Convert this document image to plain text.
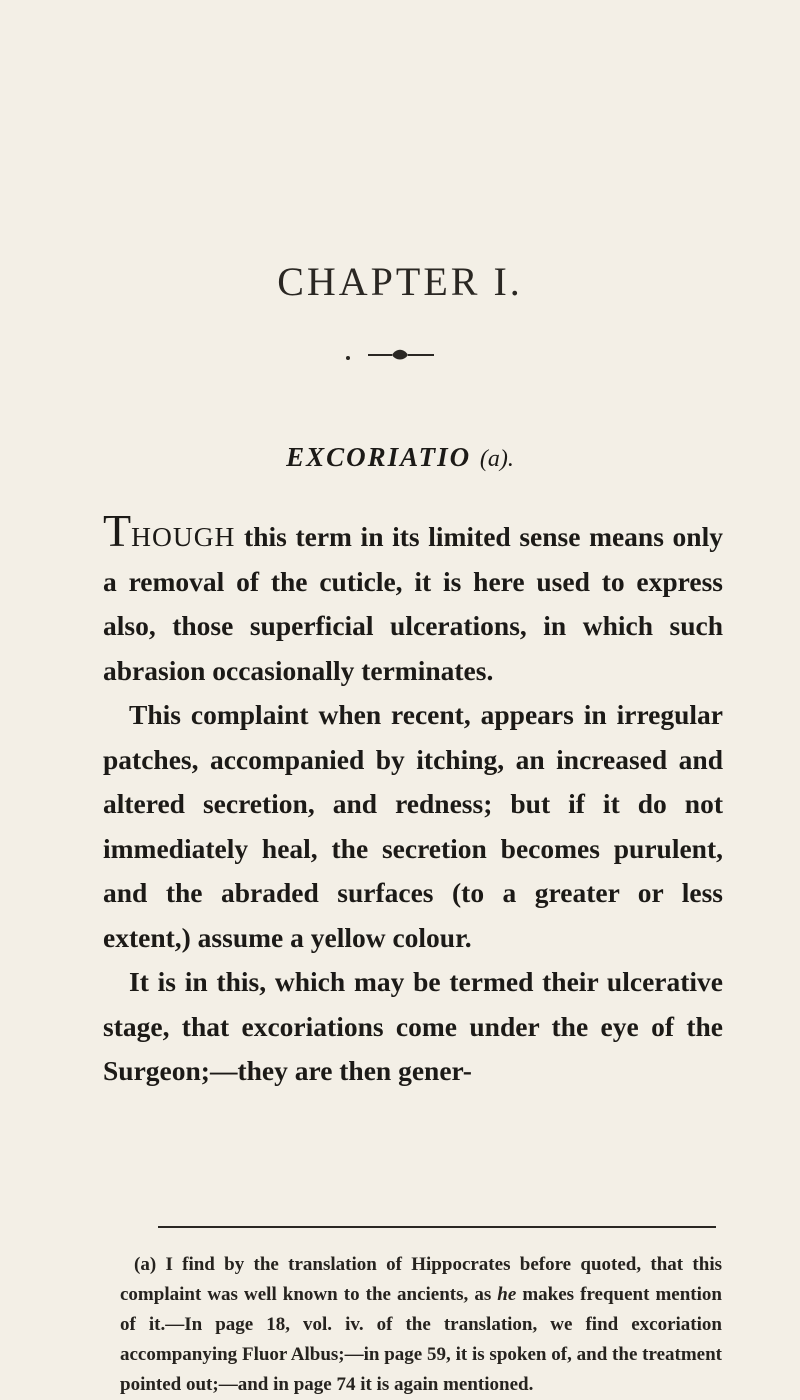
CHAPTER I.
EXCORIATIO (a).

THOUGH this term in its limited sense means only a removal of the cuticle, it is here used to express also, those superficial ulcerations, in which such abrasion occasionally terminates.

This complaint when recent, appears in irregular patches, accompanied by itching, an increased and altered secretion, and redness; but if it do not immediately heal, the secretion becomes purulent, and the abraded surfaces (to a greater or less extent,) assume a yellow colour.

It is in this, which may be termed their ulcerative stage, that excoriations come under the eye of the Surgeon;—they are then gener-

(a) I find by the translation of Hippocrates before quoted, that this complaint was well known to the ancients, as he makes frequent mention of it.—In page 18, vol. iv. of the translation, we find excoriation accompanying Fluor Albus;—in page 59, it is spoken of, and the treatment pointed out;—and in page 74 it is again mentioned.
